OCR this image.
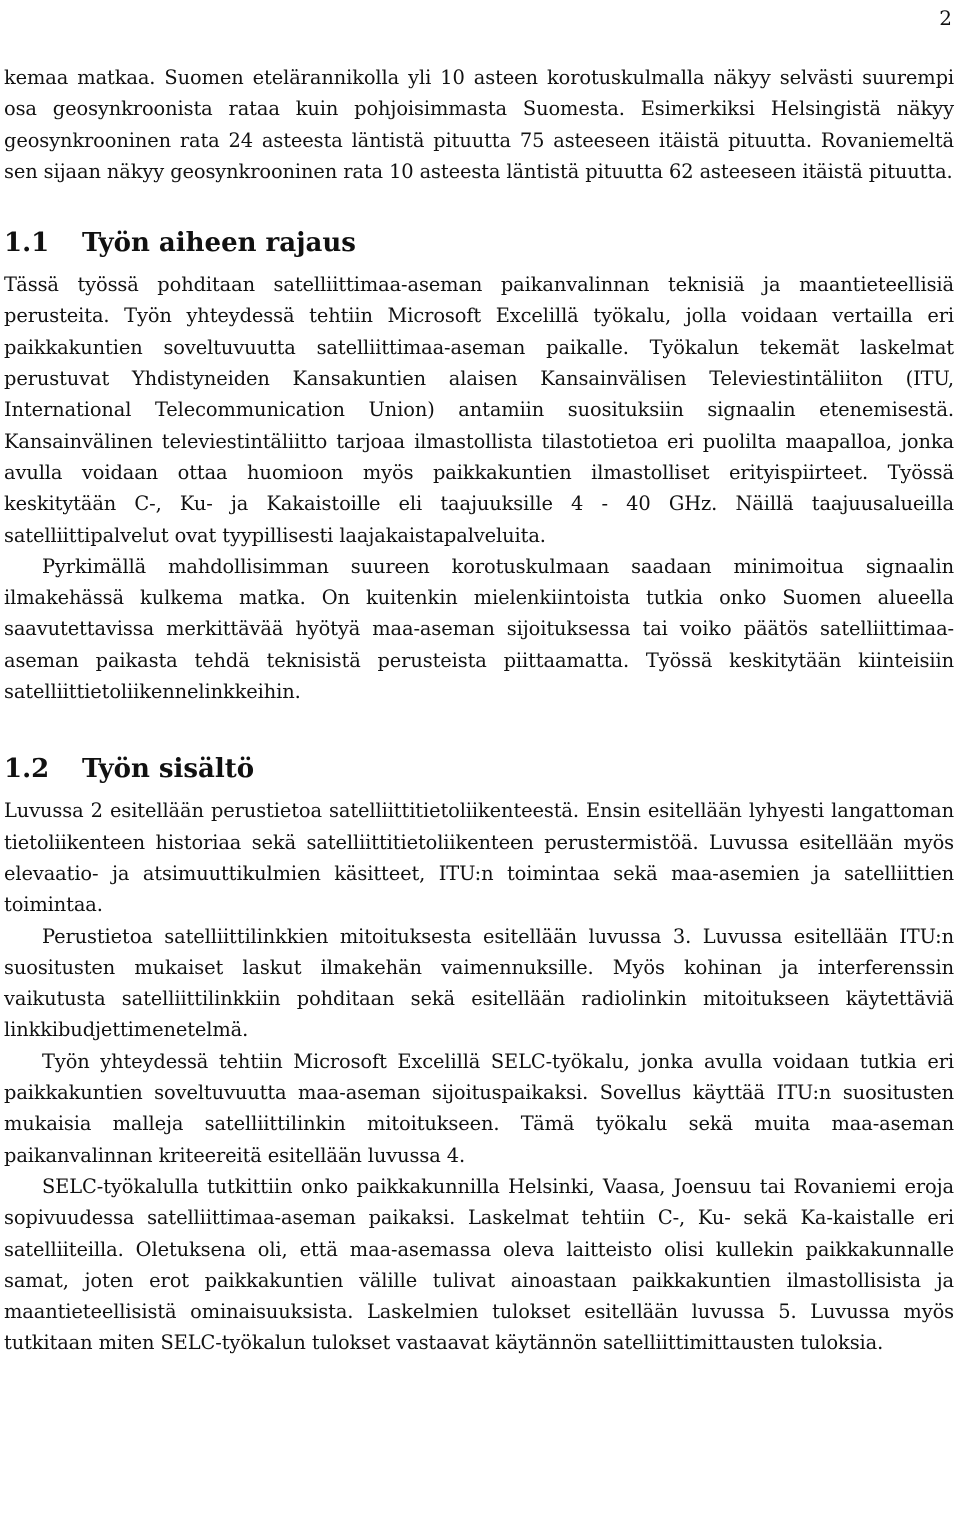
2

kemaa matkaa. Suomen etelärannikolla yli 10 asteen korotuskulmalla näkyy selvästi suurempi osa geosynkroonista rataa kuin pohjoisimmasta Suomesta. Esimerkiksi Helsingistä näkyy geosynkrooninen rata 24 asteesta läntistä pituutta 75 asteeseen itäistä pituutta. Rovaniemeltä sen sijaan näkyy geosynkrooninen rata 10 asteesta läntistä pituutta 62 asteeseen itäistä pituutta.

1.1 Työn aiheen rajaus

Tässä työssä pohditaan satelliittimaa-aseman paikanvalinnan teknisiä ja maantieteellisiä perusteita. Työn yhteydessä tehtiin Microsoft Excelillä työkalu, jolla voidaan vertailla eri paikkakuntien soveltuvuutta satelliittimaa-aseman paikalle. Työkalun tekemät laskelmat perustuvat Yhdistyneiden Kansakuntien alaisen Kansainvälisen Televiestintäliiton (ITU, International Telecommunication Union) antamiin suosituksiin signaalin etenemisestä. Kansainvälinen televiestintäliitto tarjoaa ilmastollista tilastotietoa eri puolilta maapalloa, jonka avulla voidaan ottaa huomioon myös paikkakuntien ilmastolliset erityispiirteet. Työssä keskitytään C-, Ku- ja Kakaistoille eli taajuuksille 4 - 40 GHz. Näillä taajuusalueilla satelliittipalvelut ovat tyypillisesti laajakaistapalveluita.

Pyrkimällä mahdollisimman suureen korotuskulmaan saadaan minimoitua signaalin ilmakehässä kulkema matka. On kuitenkin mielenkiintoista tutkia onko Suomen alueella saavutettavissa merkittävää hyötyä maa-aseman sijoituksessa tai voiko päätös satelliittimaa-aseman paikasta tehdä teknisistä perusteista piittaamatta. Työssä keskitytään kiinteisiin satelliittietoliikennelinkkeihin.

1.2 Työn sisältö

Luvussa 2 esitellään perustietoa satelliittitietoliikenteestä. Ensin esitellään lyhyesti langattoman tietoliikenteen historiaa sekä satelliittitietoliikenteen perustermistöä. Luvussa esitellään myös elevaatio- ja atsimuuttikulmien käsitteet, ITU:n toimintaa sekä maa-asemien ja satelliittien toimintaa.

Perustietoa satelliittilinkkien mitoituksesta esitellään luvussa 3. Luvussa esitellään ITU:n suositusten mukaiset laskut ilmakehän vaimennuksille. Myös kohinan ja interferenssin vaikutusta satelliittilinkkiin pohditaan sekä esitellään radiolinkin mitoitukseen käytettäviä linkkibudjettimenetelmä.

Työn yhteydessä tehtiin Microsoft Excelillä SELC-työkalu, jonka avulla voidaan tutkia eri paikkakuntien soveltuvuutta maa-aseman sijoituspaikaksi. Sovellus käyttää ITU:n suositusten mukaisia malleja satelliittilinkin mitoitukseen. Tämä työkalu sekä muita maa-aseman paikanvalinnan kriteereitä esitellään luvussa 4.

SELC-työkalulla tutkittiin onko paikkakunnilla Helsinki, Vaasa, Joensuu tai Rovaniemi eroja sopivuudessa satelliittimaa-aseman paikaksi. Laskelmat tehtiin C-, Ku- sekä Ka-kaistalle eri satelliiteilla. Oletuksena oli, että maa-asemassa oleva laitteisto olisi kullekin paikkakunnalle samat, joten erot paikkakuntien välille tulivat ainoastaan paikkakuntien ilmastollisista ja maantieteellisistä ominaisuuksista. Laskelmien tulokset esitellään luvussa 5. Luvussa myös tutkitaan miten SELC-työkalun tulokset vastaavat käytännön satelliittimittausten tuloksia.
